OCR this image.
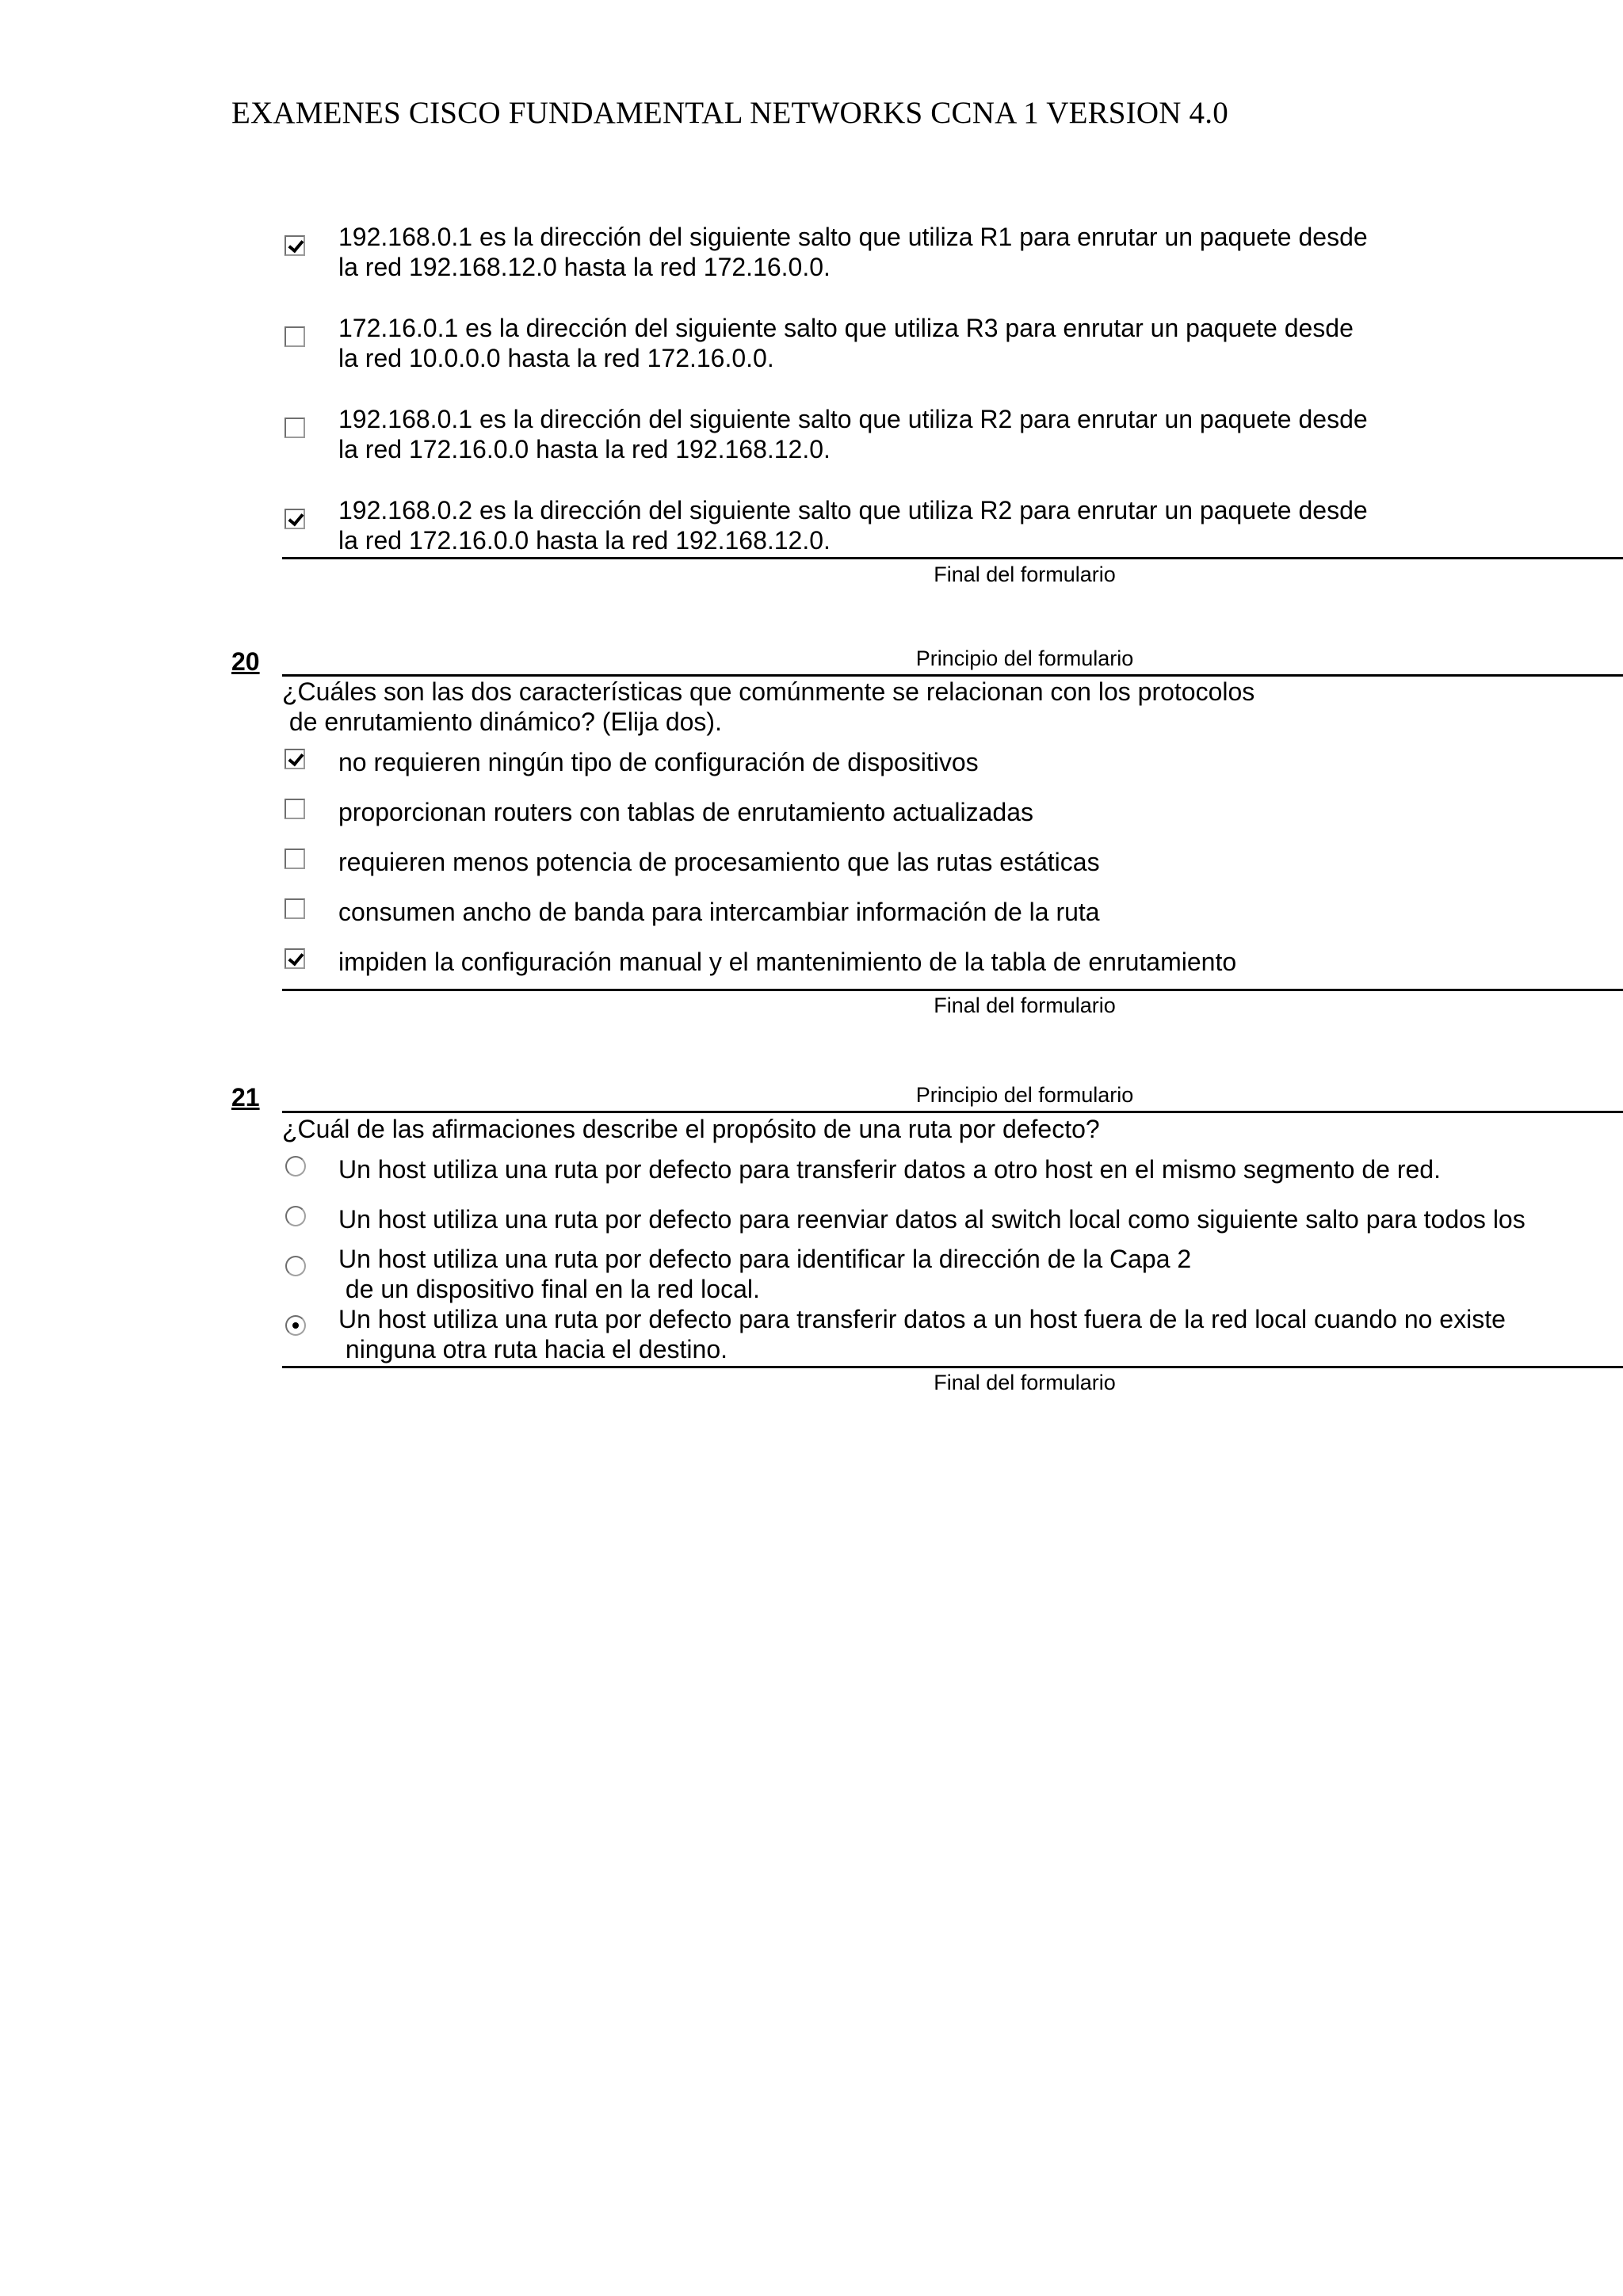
EXAMENES CISCO FUNDAMENTAL NETWORKS CCNA 1 VERSION 4.0
192.168.0.1 es la dirección del siguiente salto que utiliza R1 para enrutar un paquete desde
la red 192.168.12.0 hasta la red 172.16.0.0.
172.16.0.1 es la dirección del siguiente salto que utiliza R3 para enrutar un paquete desde
la red 10.0.0.0 hasta la red 172.16.0.0.
192.168.0.1 es la dirección del siguiente salto que utiliza R2 para enrutar un paquete desde
la red 172.16.0.0 hasta la red 192.168.12.0.
192.168.0.2 es la dirección del siguiente salto que utiliza R2 para enrutar un paquete desde
la red 172.16.0.0 hasta la red 192.168.12.0.
Final del formulario
20	Principio del formulario
¿Cuáles son las dos características que comúnmente se relacionan con los protocolos
de enrutamiento dinámico? (Elija dos).
no requieren ningún tipo de configuración de dispositivos
proporcionan routers con tablas de enrutamiento actualizadas
requieren menos potencia de procesamiento que las rutas estáticas
consumen ancho de banda para intercambiar información de la ruta
impiden la configuración manual y el mantenimiento de la tabla de enrutamiento
Final del formulario
21	Principio del formulario
¿Cuál de las afirmaciones describe el propósito de una ruta por defecto?
Un host utiliza una ruta por defecto para transferir datos a otro host en el mismo segmento de red.
Un host utiliza una ruta por defecto para reenviar datos al switch local como siguiente salto para todos los
Un host utiliza una ruta por defecto para identificar la dirección de la Capa 2
de un dispositivo final en la red local.
Un host utiliza una ruta por defecto para transferir datos a un host fuera de la red local cuando no existe
ninguna otra ruta hacia el destino.
Final del formulario
